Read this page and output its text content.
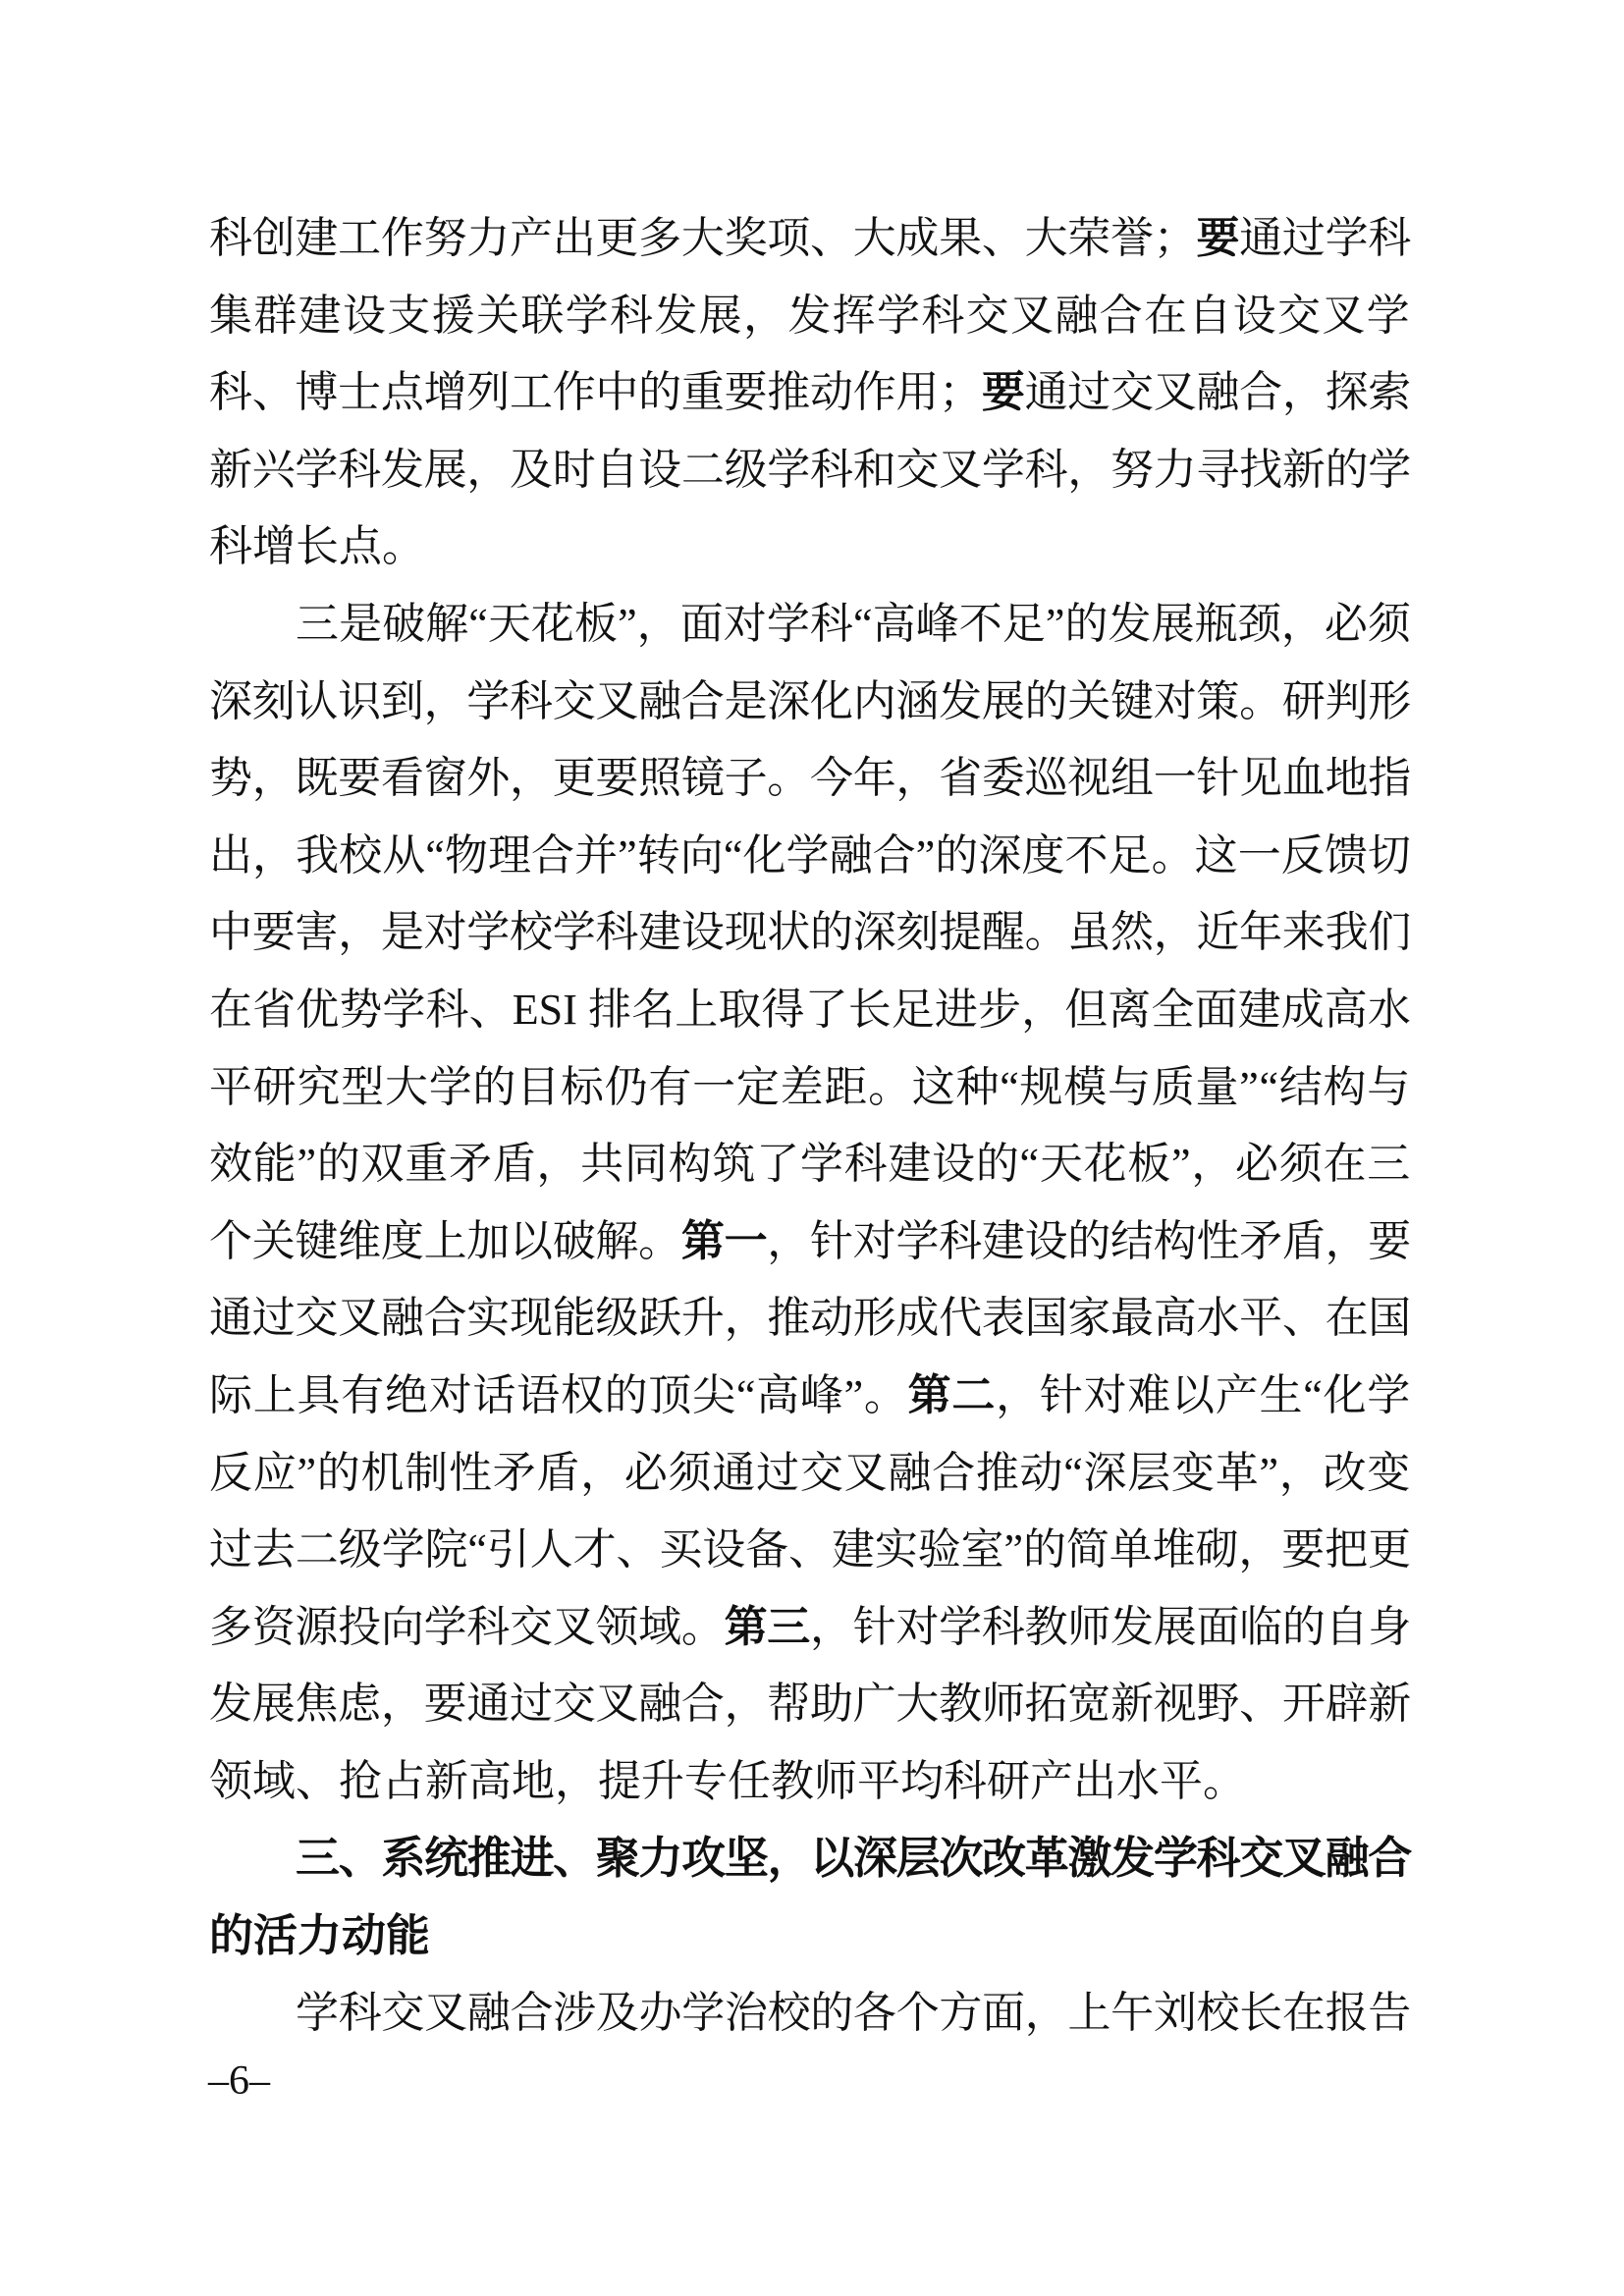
科创建工作努力产出更多大奖项、大成果、大荣誉；要通过学科
集群建设支援关联学科发展，发挥学科交叉融合在自设交叉学
科、博士点增列工作中的重要推动作用；要通过交叉融合，探索
新兴学科发展，及时自设二级学科和交叉学科，努力寻找新的学
科增长点。
三是破解“天花板”，面对学科“高峰不足”的发展瓶颈，必须
深刻认识到，学科交叉融合是深化内涵发展的关键对策。研判形
势，既要看窗外，更要照镜子。今年，省委巡视组一针见血地指
出，我校从“物理合并”转向“化学融合”的深度不足。这一反馈切
中要害，是对学校学科建设现状的深刻提醒。虽然，近年来我们
在省优势学科、ESI 排名上取得了长足进步，但离全面建成高水
平研究型大学的目标仍有一定差距。这种“规模与质量”“结构与
效能”的双重矛盾，共同构筑了学科建设的“天花板”，必须在三
个关键维度上加以破解。第一，针对学科建设的结构性矛盾，要
通过交叉融合实现能级跃升，推动形成代表国家最高水平、在国
际上具有绝对话语权的顶尖“高峰”。第二，针对难以产生“化学
反应”的机制性矛盾，必须通过交叉融合推动“深层变革”，改变
过去二级学院“引人才、买设备、建实验室”的简单堆砌，要把更
多资源投向学科交叉领域。第三，针对学科教师发展面临的自身
发展焦虑，要通过交叉融合，帮助广大教师拓宽新视野、开辟新
领域、抢占新高地，提升专任教师平均科研产出水平。
三、系统推进、聚力攻坚，以深层次改革激发学科交叉融合
的活力动能
学科交叉融合涉及办学治校的各个方面，上午刘校长在报告
–6–
